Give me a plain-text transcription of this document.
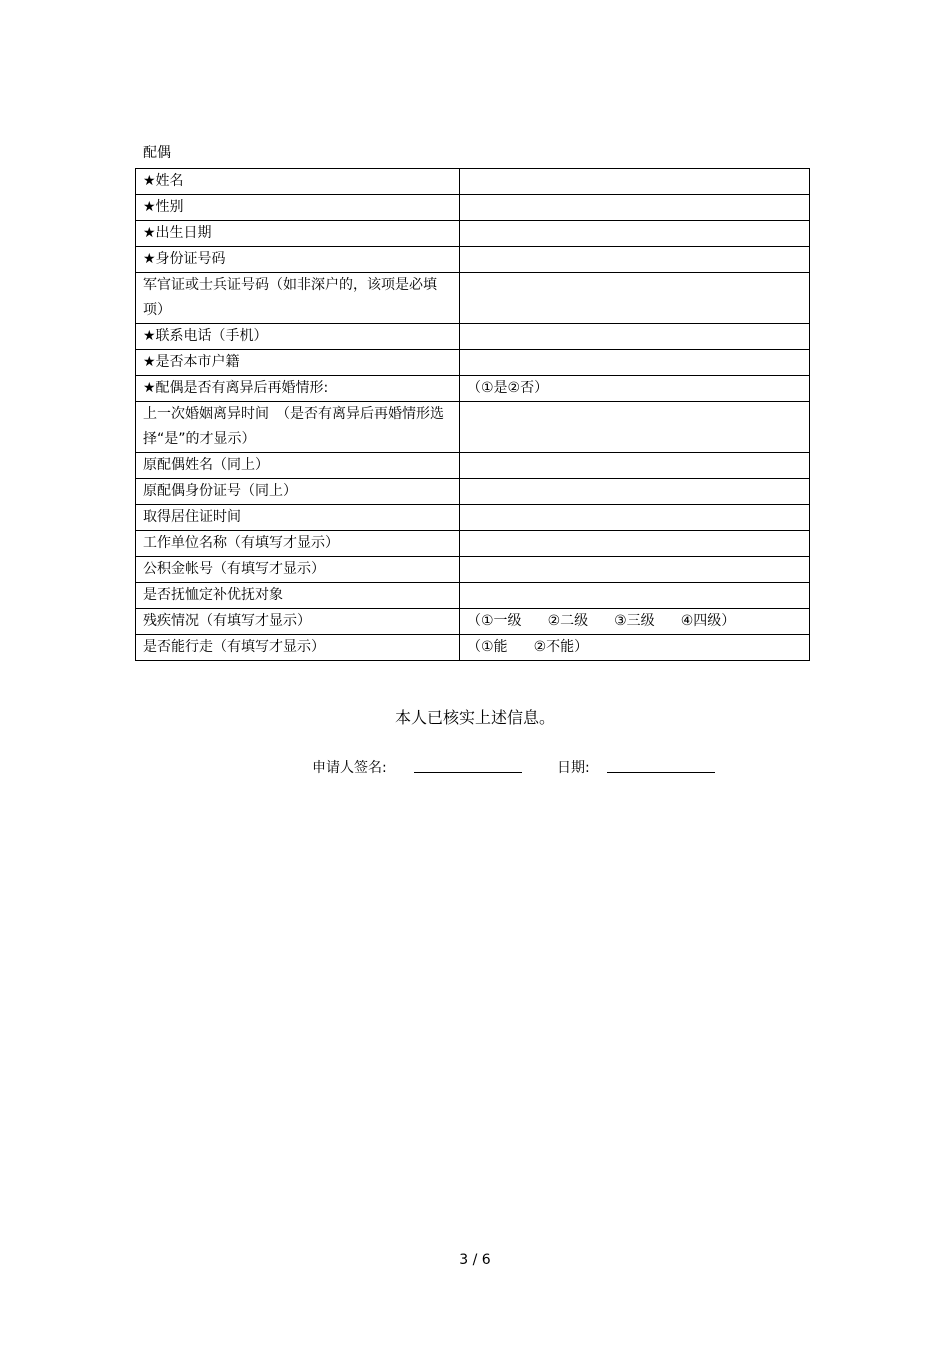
配偶
★姓名	
★性别	
★出生日期	
★身份证号码	
军官证或士兵证号码（如非深户的，该项是必填项）	
★联系电话（手机）	
★是否本市户籍	
★配偶是否有离异后再婚情形:	（①是②否）
上一次婚姻离异时间　（是否有离异后再婚情形选择“是”的才显示）	
原配偶姓名（同上）	
原配偶身份证号（同上）	
取得居住证时间	
工作单位名称（有填写才显示）	
公积金帐号（有填写才显示）	
是否抚恤定补优抚对象	
残疾情况（有填写才显示）	（①一级 ②二级 ③三级 ④四级）
是否能行走（有填写才显示）	（①能 ②不能）
本人已核实上述信息。
申请人签名:	日期:
3 / 6
